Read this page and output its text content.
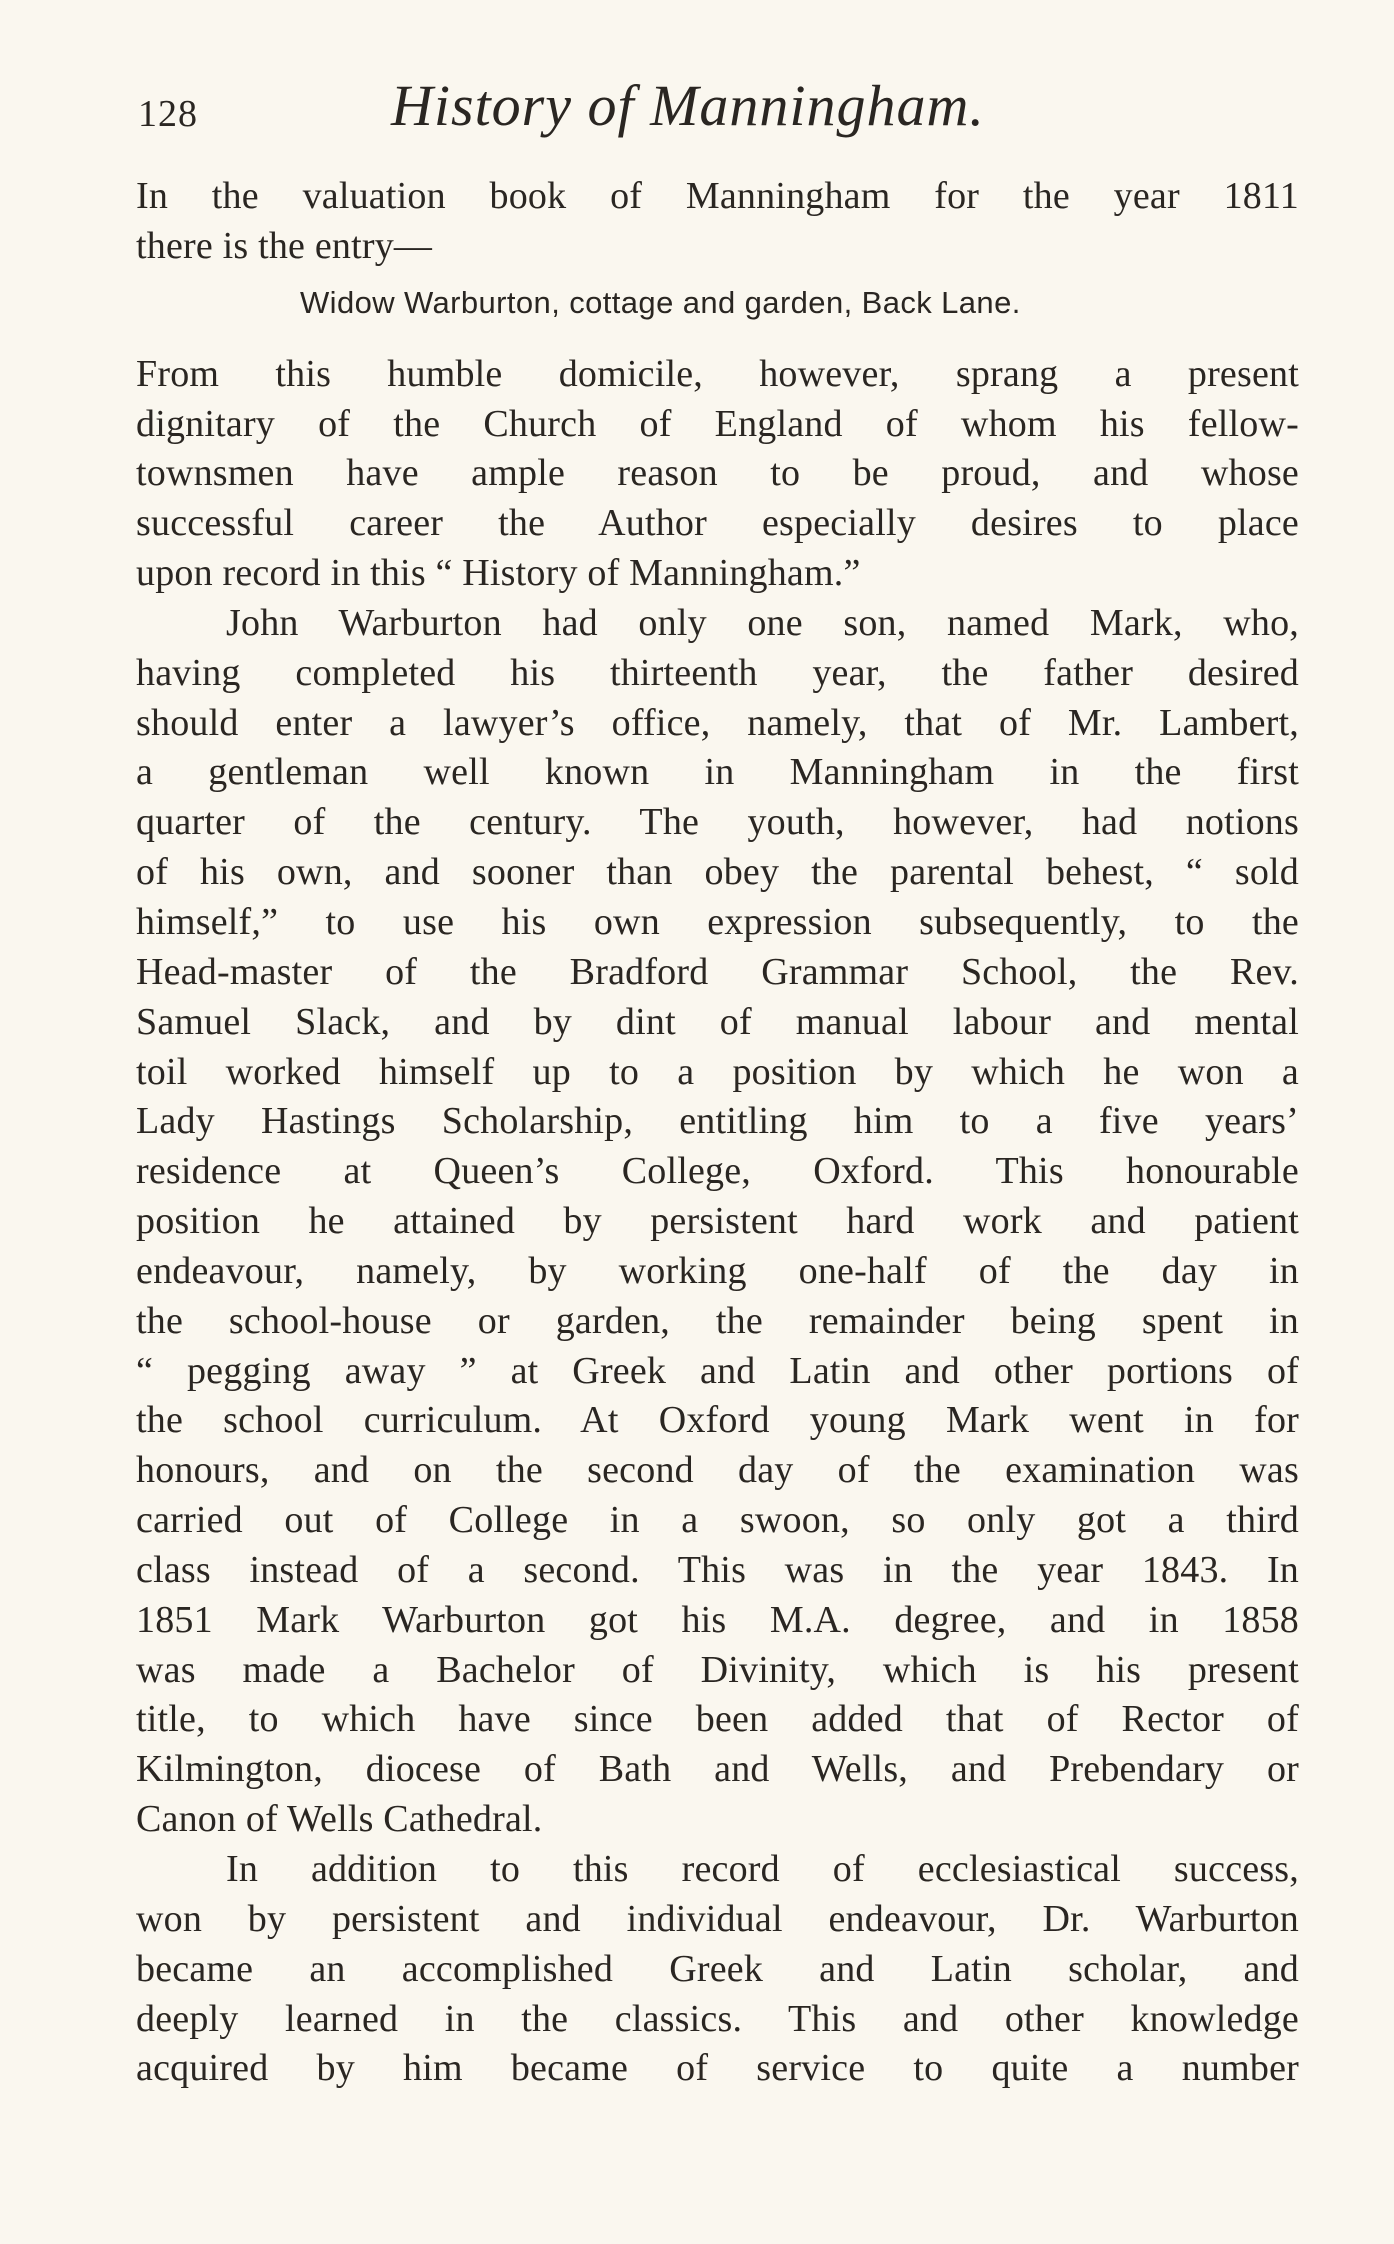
128	History of Manningham.
In the valuation book of Manningham for the year 1811
there is the entry—
Widow Warburton, cottage and garden, Back Lane.
From this humble domicile, however, sprang a present
dignitary of the Church of England of whom his fellow-
townsmen have ample reason to be proud, and whose
successful career the Author especially desires to place
upon record in this “ History of Manningham.”
John Warburton had only one son, named Mark, who,
having completed his thirteenth year, the father desired
should enter a lawyer’s office, namely, that of Mr. Lambert,
a gentleman well known in Manningham in the first
quarter of the century. The youth, however, had notions
of his own, and sooner than obey the parental behest, “ sold
himself,” to use his own expression subsequently, to the
Head-master of the Bradford Grammar School, the Rev.
Samuel Slack, and by dint of manual labour and mental
toil worked himself up to a position by which he won a
Lady Hastings Scholarship, entitling him to a five years’
residence at Queen’s College, Oxford. This honourable
position he attained by persistent hard work and patient
endeavour, namely, by working one-half of the day in
the school-house or garden, the remainder being spent in
“ pegging away ” at Greek and Latin and other portions of
the school curriculum. At Oxford young Mark went in for
honours, and on the second day of the examination was
carried out of College in a swoon, so only got a third
class instead of a second. This was in the year 1843. In
1851 Mark Warburton got his M.A. degree, and in 1858
was made a Bachelor of Divinity, which is his present
title, to which have since been added that of Rector of
Kilmington, diocese of Bath and Wells, and Prebendary or
Canon of Wells Cathedral.
In addition to this record of ecclesiastical success,
won by persistent and individual endeavour, Dr. Warburton
became an accomplished Greek and Latin scholar, and
deeply learned in the classics. This and other knowledge
acquired by him became of service to quite a number
